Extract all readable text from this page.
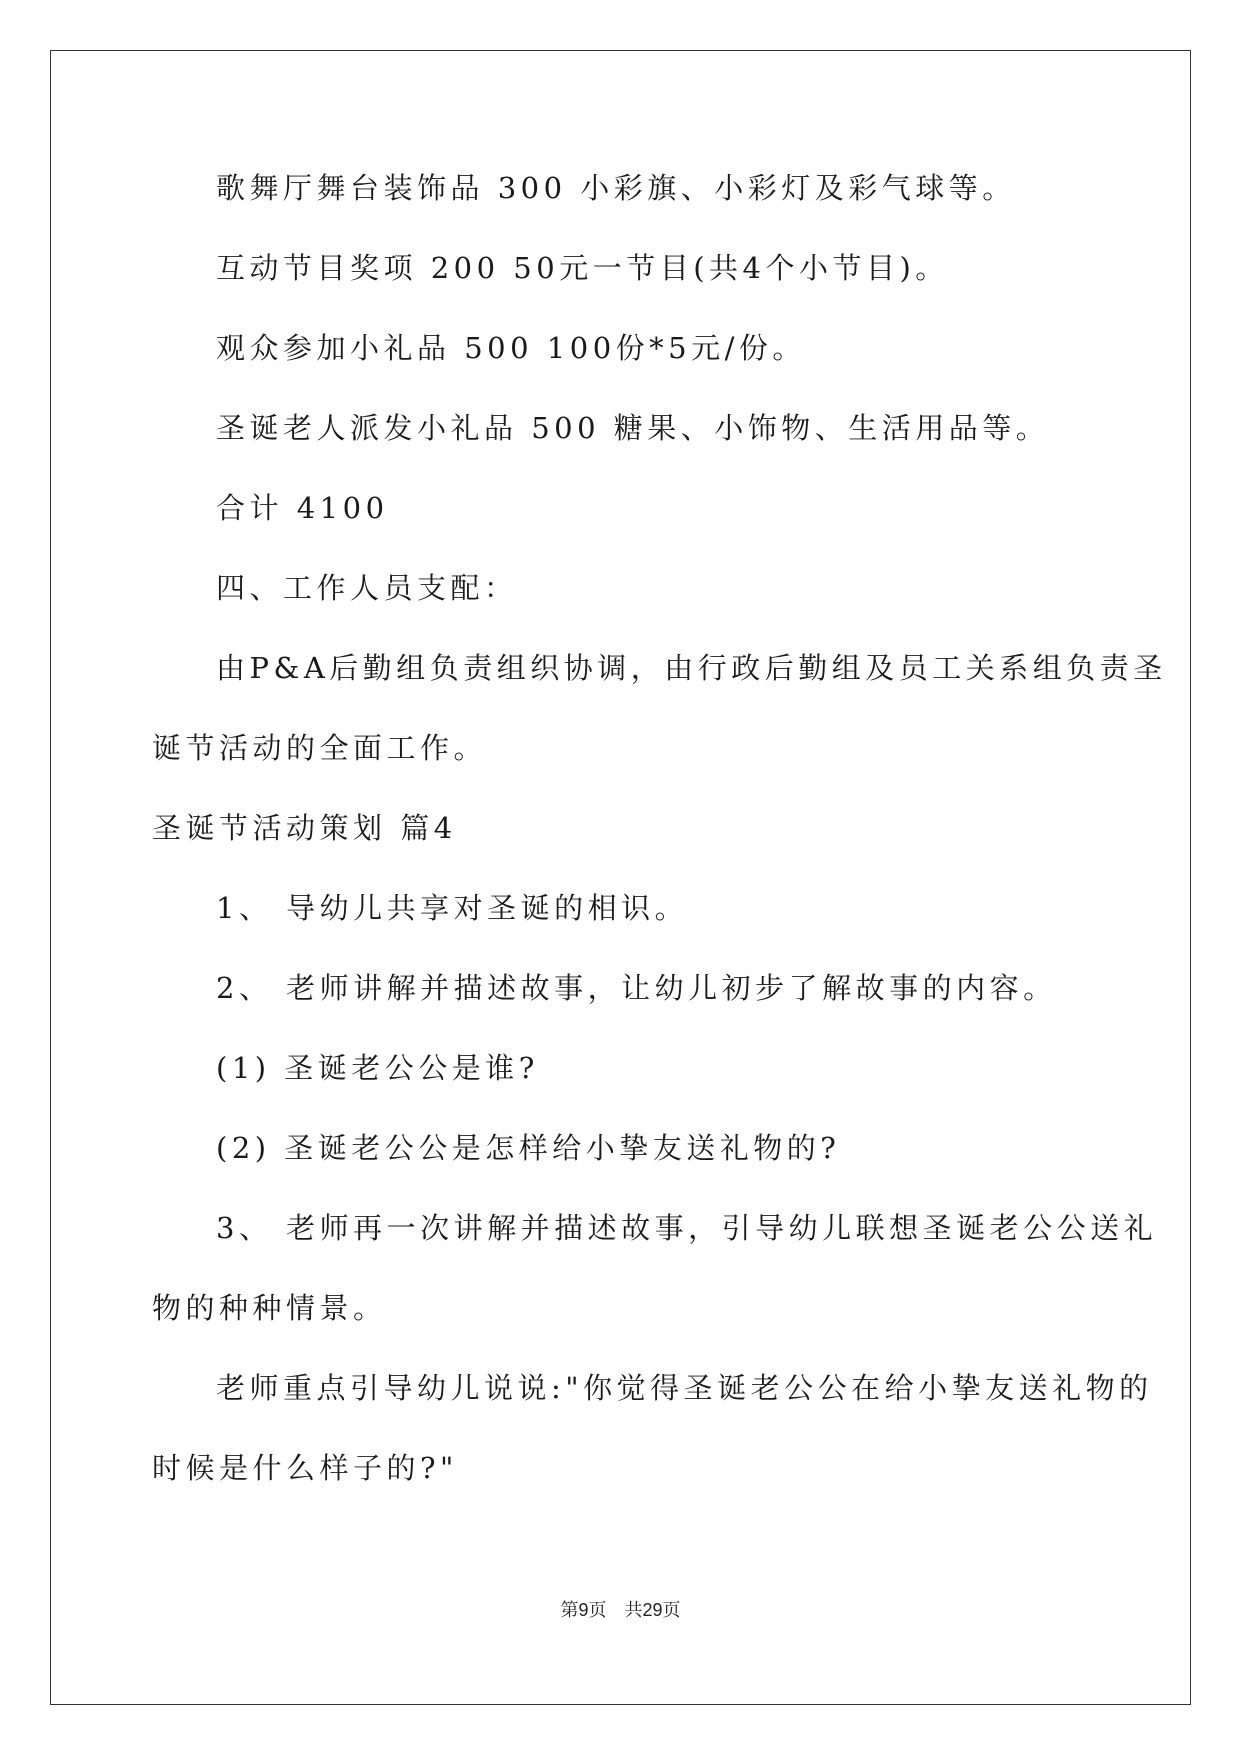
歌舞厅舞台装饰品 300 小彩旗、小彩灯及彩气球等。
互动节目奖项 200 50元一节目(共4个小节目)。
观众参加小礼品 500 100份*5元/份。
圣诞老人派发小礼品 500 糖果、小饰物、生活用品等。
合计 4100
四、工作人员支配：
由P&A后勤组负责组织协调，由行政后勤组及员工关系组负责圣
诞节活动的全面工作。
圣诞节活动策划 篇4
1、 导幼儿共享对圣诞的相识。
2、 老师讲解并描述故事，让幼儿初步了解故事的内容。
(1) 圣诞老公公是谁?
(2) 圣诞老公公是怎样给小挚友送礼物的?
3、 老师再一次讲解并描述故事，引导幼儿联想圣诞老公公送礼
物的种种情景。
老师重点引导幼儿说说:"你觉得圣诞老公公在给小挚友送礼物的
时候是什么样子的?"
第9页　共29页
